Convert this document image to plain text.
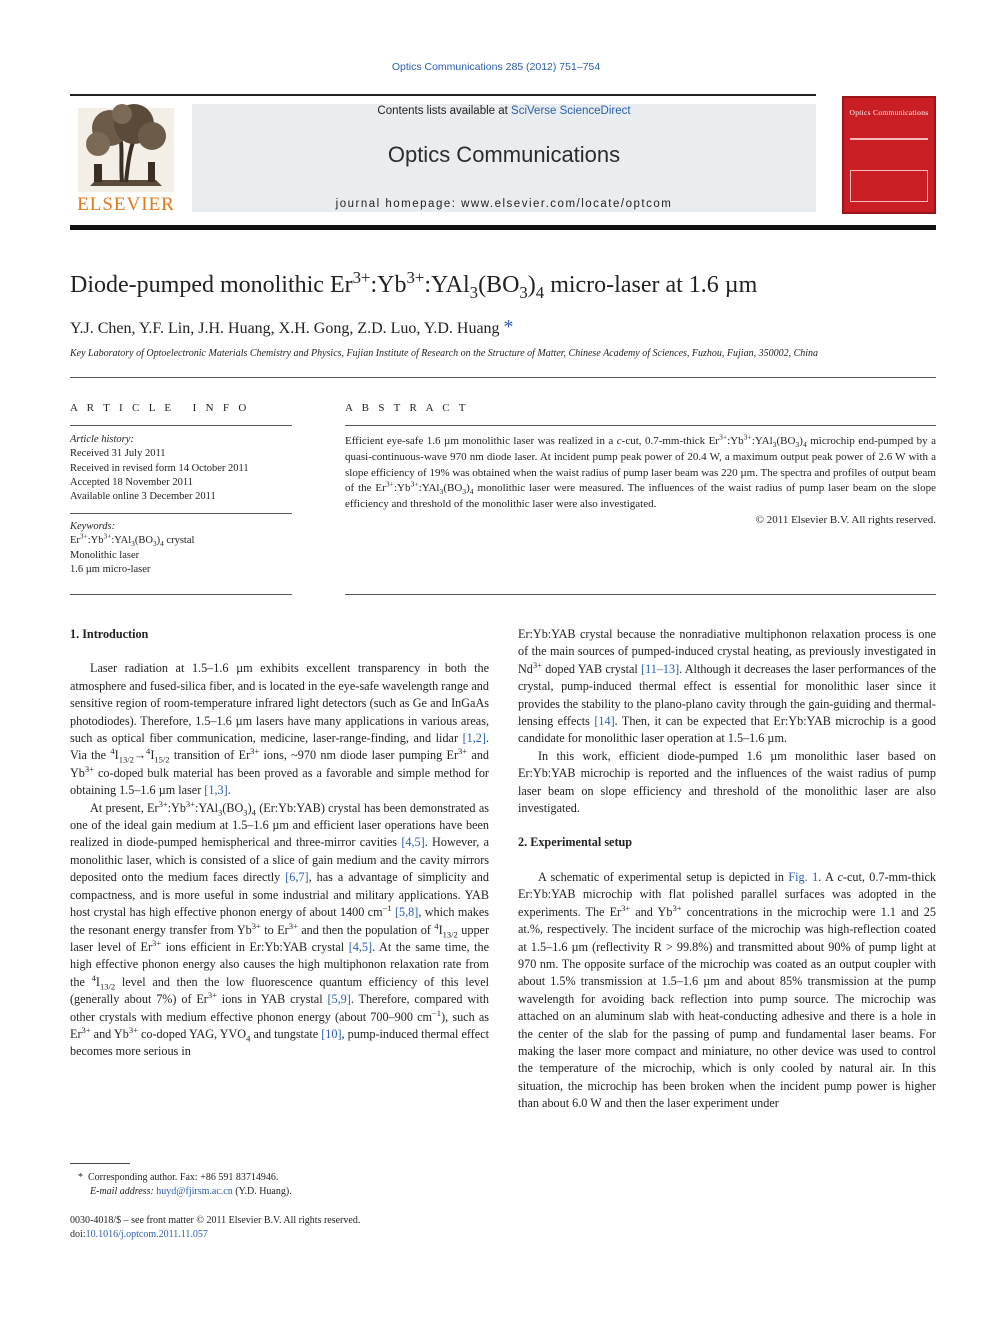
Optics Communications 285 (2012) 751–754
ELSEVIER
Contents lists available at SciVerse ScienceDirect
Optics Communications
journal homepage: www.elsevier.com/locate/optcom
Optics Communications
Diode-pumped monolithic $Er^{3+}:Yb^{3+}:YAl_3(BO_3)_4$ micro-laser at 1.6 µm
Y.J. Chen, Y.F. Lin, J.H. Huang, X.H. Gong, Z.D. Luo, Y.D. Huang *
Key Laboratory of Optoelectronic Materials Chemistry and Physics, Fujian Institute of Research on the Structure of Matter, Chinese Academy of Sciences, Fuzhou, Fujian, 350002, China
A R T I C L E   I N F O
Article history:
Received 31 July 2011
Received in revised form 14 October 2011
Accepted 18 November 2011
Available online 3 December 2011
Keywords:
$Er^{3+}:Yb^{3+}:YAl_3(BO_3)_4$ crystal
Monolithic laser
1.6 µm micro-laser
A B S T R A C T
Efficient eye-safe 1.6 µm monolithic laser was realized in a c-cut, 0.7-mm-thick $Er^{3+}:Yb^{3+}:YAl_3(BO_3)_4$ microchip end-pumped by a quasi-continuous-wave 970 nm diode laser. At incident pump peak power of 20.4 W, a maximum output peak power of 2.6 W with a slope efficiency of 19% was obtained when the waist radius of pump laser beam was 220 µm. The spectra and profiles of output beam of the $Er^{3+}:Yb^{3+}:YAl_3(BO_3)_4$ monolithic laser were measured. The influences of the waist radius of pump laser beam on the slope efficiency and threshold of the monolithic laser were also investigated.
© 2011 Elsevier B.V. All rights reserved.
1. Introduction

Laser radiation at 1.5–1.6 µm exhibits excellent transparency in both the atmosphere and fused-silica fiber, and is located in the eye-safe wavelength range and sensitive region of room-temperature infrared light detectors (such as Ge and InGaAs photodiodes). Therefore, 1.5–1.6 µm lasers have many applications in various areas, such as optical fiber communication, medicine, laser-range-finding, and lidar [1,2]. Via the $^4I_{13/2}\to^4I_{15/2}$ transition of $Er^{3+}$ ions, ~970 nm diode laser pumping $Er^{3+}$ and $Yb^{3+}$ co-doped bulk material has been proved as a favorable and simple method for obtaining 1.5–1.6 µm laser [1,3].

At present, $Er^{3+}:Yb^{3+}:YAl_3(BO_3)_4$ (Er:Yb:YAB) crystal has been demonstrated as one of the ideal gain medium at 1.5–1.6 µm and efficient laser operations have been realized in diode-pumped hemispherical and three-mirror cavities [4,5]. However, a monolithic laser, which is consisted of a slice of gain medium and the cavity mirrors deposited onto the medium faces directly [6,7], has a advantage of simplicity and compactness, and is more useful in some industrial and military applications. YAB host crystal has high effective phonon energy of about 1400 $cm^{-1}$ [5,8], which makes the resonant energy transfer from $Yb^{3+}$ to $Er^{3+}$ and then the population of $^4I_{13/2}$ upper laser level of $Er^{3+}$ ions efficient in Er:Yb:YAB crystal [4,5]. At the same time, the high effective phonon energy also causes the high multiphonon relaxation rate from the $^4I_{13/2}$ level and then the low fluorescence quantum efficiency of this level (generally about 7%) of $Er^{3+}$ ions in YAB crystal [5,9]. Therefore, compared with other crystals with medium effective phonon energy (about 700–900 $cm^{-1}$), such as $Er^{3+}$ and $Yb^{3+}$ co-doped YAG, $YVO_4$ and tungstate [10], pump-induced thermal effect becomes more serious in

Er:Yb:YAB crystal because the nonradiative multiphonon relaxation process is one of the main sources of pumped-induced crystal heating, as previously investigated in $Nd^{3+}$ doped YAB crystal [11–13]. Although it decreases the laser performances of the crystal, pump-induced thermal effect is essential for monolithic laser since it provides the stability to the plano-plano cavity through the gain-guiding and thermal-lensing effects [14]. Then, it can be expected that Er:Yb:YAB microchip is a good candidate for monolithic laser operation at 1.5–1.6 µm.

In this work, efficient diode-pumped 1.6 µm monolithic laser based on Er:Yb:YAB microchip is reported and the influences of the waist radius of pump laser beam on slope efficiency and threshold of the monolithic laser are also investigated.

2. Experimental setup

A schematic of experimental setup is depicted in Fig. 1. A c-cut, 0.7-mm-thick Er:Yb:YAB microchip with flat polished parallel surfaces was adopted in the experiments. The $Er^{3+}$ and $Yb^{3+}$ concentrations in the microchip were 1.1 and 25 at.%, respectively. The incident surface of the microchip was high-reflection coated at 1.5–1.6 µm (reflectivity R > 99.8%) and transmitted about 90% of pump light at 970 nm. The opposite surface of the microchip was coated as an output coupler with about 1.5% transmission at 1.5–1.6 µm and about 85% transmission at the pump wavelength for avoiding back reflection into pump source. The microchip was attached on an aluminum slab with heat-conducting adhesive and there is a hole in the center of the slab for the passing of pump and fundamental laser beams. For making the laser more compact and miniature, no other device was used to control the temperature of the microchip, which is only cooled by natural air. In this situation, the microchip has been broken when the incident pump power is higher than about 6.0 W and then the laser experiment under

*  Corresponding author. Fax: +86 591 83714946.
E-mail address: huyd@fjirsm.ac.cn (Y.D. Huang).
0030-4018/$ – see front matter © 2011 Elsevier B.V. All rights reserved.
doi:10.1016/j.optcom.2011.11.057
